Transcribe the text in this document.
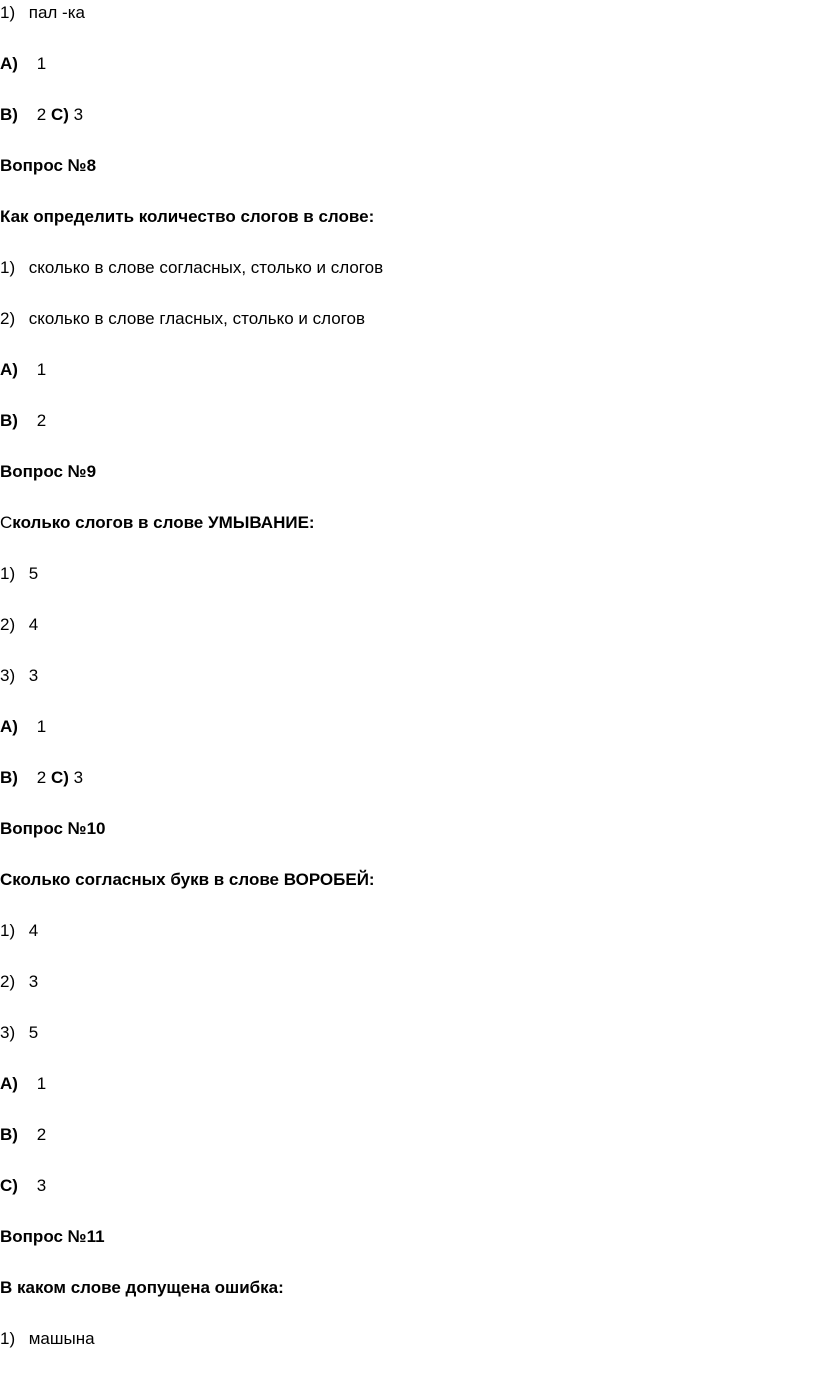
1) пал -ка
А) 1
В) 2 С) 3
Вопрос №8
Как определить количество слогов в слове:
1) сколько в слове согласных, столько и слогов
2) сколько в слове гласных, столько и слогов
А) 1
В) 2
Вопрос №9
Сколько слогов в слове УМЫВАНИЕ:
1) 5
2) 4
3) 3
А) 1
В) 2 С) 3
Вопрос №10
Сколько согласных букв в слове ВОРОБЕЙ:
1) 4
2) 3
3) 5
А) 1
В) 2
С) 3
Вопрос №11
В каком слове допущена ошибка:
1) машына
